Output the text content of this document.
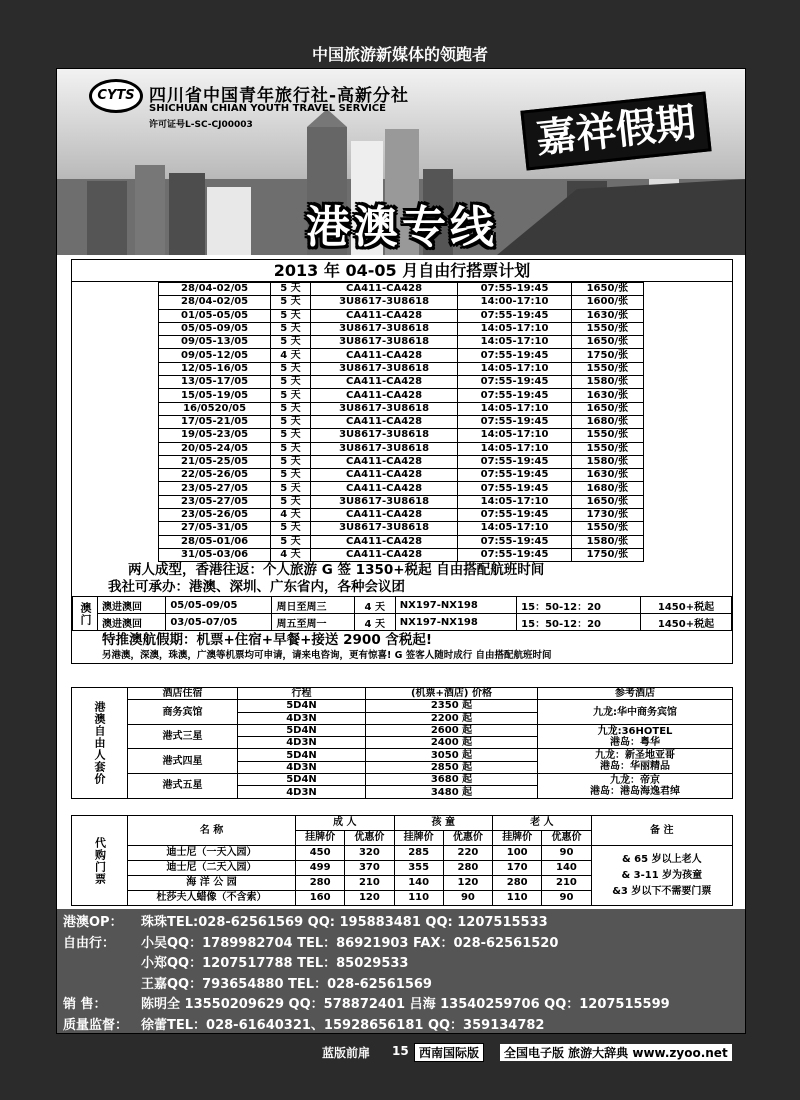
中国旅游新媒体的领跑者
CYTS 四川省中国青年旅行社-高新分社
SHICHUAN CHIAN YOUTH TRAVEL SERVICE
许可证号L-SC-CJ00003	嘉祥假期
港澳专线
2013 年 04-05 月自由行搭票计划
28/04-02/05	5 天	CA411-CA428	07:55-19:45	1650/张
28/04-02/05	5 天	3U8617-3U8618	14:00-17:10	1600/张
01/05-05/05	5 天	CA411-CA428	07:55-19:45	1630/张
05/05-09/05	5 天	3U8617-3U8618	14:05-17:10	1550/张
09/05-13/05	5 天	3U8617-3U8618	14:05-17:10	1650/张
09/05-12/05	4 天	CA411-CA428	07:55-19:45	1750/张
12/05-16/05	5 天	3U8617-3U8618	14:05-17:10	1550/张
13/05-17/05	5 天	CA411-CA428	07:55-19:45	1580/张
15/05-19/05	5 天	CA411-CA428	07:55-19:45	1630/张
16/0520/05	5 天	3U8617-3U8618	14:05-17:10	1650/张
17/05-21/05	5 天	CA411-CA428	07:55-19:45	1680/张
19/05-23/05	5 天	3U8617-3U8618	14:05-17:10	1550/张
20/05-24/05	5 天	3U8617-3U8618	14:05-17:10	1550/张
21/05-25/05	5 天	CA411-CA428	07:55-19:45	1580/张
22/05-26/05	5 天	CA411-CA428	07:55-19:45	1630/张
23/05-27/05	5 天	CA411-CA428	07:55-19:45	1680/张
23/05-27/05	5 天	3U8617-3U8618	14:05-17:10	1650/张
23/05-26/05	4 天	CA411-CA428	07:55-19:45	1730/张
27/05-31/05	5 天	3U8617-3U8618	14:05-17:10	1550/张
28/05-01/06	5 天	CA411-CA428	07:55-19:45	1580/张
31/05-03/06	4 天	CA411-CA428	07:55-19:45	1750/张
两人成型，香港往返：个人旅游 G 签 1350+税起 自由搭配航班时间
我社可承办：港澳、深圳、广东省内，各种会议团
澳门	澳进澳回	05/05-09/05	周日至周三	4 天	NX197-NX198	15：50-12：20	1450+税起
	澳进澳回	03/05-07/05	周五至周一	4 天	NX197-NX198	15：50-12：20	1450+税起
特推澳航假期：机票+住宿+早餐+接送 2900 含税起!
另港澳，深澳，珠澳，广澳等机票均可申请，请来电咨询，更有惊喜! G 签客人随时成行 自由搭配航班时间
港澳自由人套价	酒店住宿	行程	(机票+酒店) 价格	参考酒店
	商务宾馆	5D4N	2350 起	九龙:华中商务宾馆

		4D3N	2200 起	
	港式三星	5D4N	2600 起	九龙:36HOTEL
港岛：粤华

		4D3N	2400 起	
	港式四星	5D4N	3050 起	九龙：新圣地亚哥
港岛：华丽精品

		4D3N	2850 起	
	港式五星	5D4N	3680 起	九龙：帝京
港岛：港岛海逸君绰

		4D3N	3480 起	
代购门票	名 称	成 人		孩 童		老 人		备 注
		挂牌价	优惠价	挂牌价	优惠价	挂牌价	优惠价	
	迪士尼（一天入园）	450	320	285	220	100	90	& 65 岁以上老人
& 3-11 岁为孩童
&3 岁以下不需要门票

	迪士尼（二天入园）	499	370	355	280	170	140	
	海 洋 公 园	280	210	140	120	280	210	
	杜莎夫人蜡像（不含索）	160	120	110	90	110	90	
港澳OP： 珠珠TEL:028-62561569 QQ: 195883481 QQ: 1207515533
自由行： 小吴QQ：1789982704 TEL：86921903 FAX：028-62561520
小郑QQ：1207517788 TEL：85029533
王嘉QQ：793654880 TEL：028-62561569
销 售：	陈明全 13550209629 QQ：578872401 吕海 13540259706 QQ：1207515599
质量监督： 徐蕾TEL：028-61640321、15928656181 QQ：359134782
蓝版前扉 15 西南国际版	全国电子版 旅游大辞典 www.zyoo.net
